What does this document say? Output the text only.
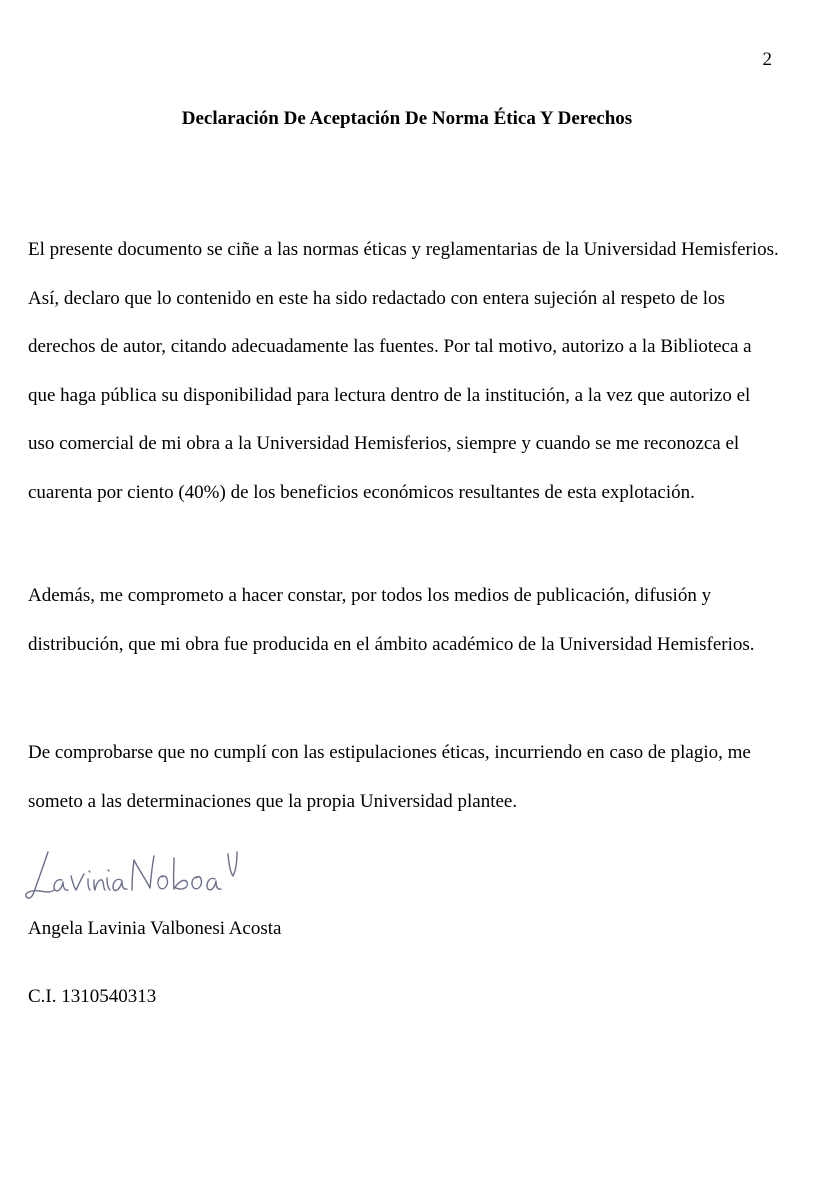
2
Declaración De Aceptación De Norma Ética Y Derechos

El presente documento se ciñe a las normas éticas y reglamentarias de la Universidad Hemisferios. Así, declaro que lo contenido en este ha sido redactado con entera sujeción al respeto de los derechos de autor, citando adecuadamente las fuentes. Por tal motivo, autorizo a la Biblioteca a que haga pública su disponibilidad para lectura dentro de la institución, a la vez que autorizo el uso comercial de mi obra a la Universidad Hemisferios, siempre y cuando se me reconozca el cuarenta por ciento (40%) de los beneficios económicos resultantes de esta explotación.

Además, me comprometo a hacer constar, por todos los medios de publicación, difusión y distribución, que mi obra fue producida en el ámbito académico de la Universidad Hemisferios.

De comprobarse que no cumplí con las estipulaciones éticas, incurriendo en caso de plagio, me someto a las determinaciones que la propia Universidad plantee.

Angela Lavinia Valbonesi Acosta
C.I. 1310540313
